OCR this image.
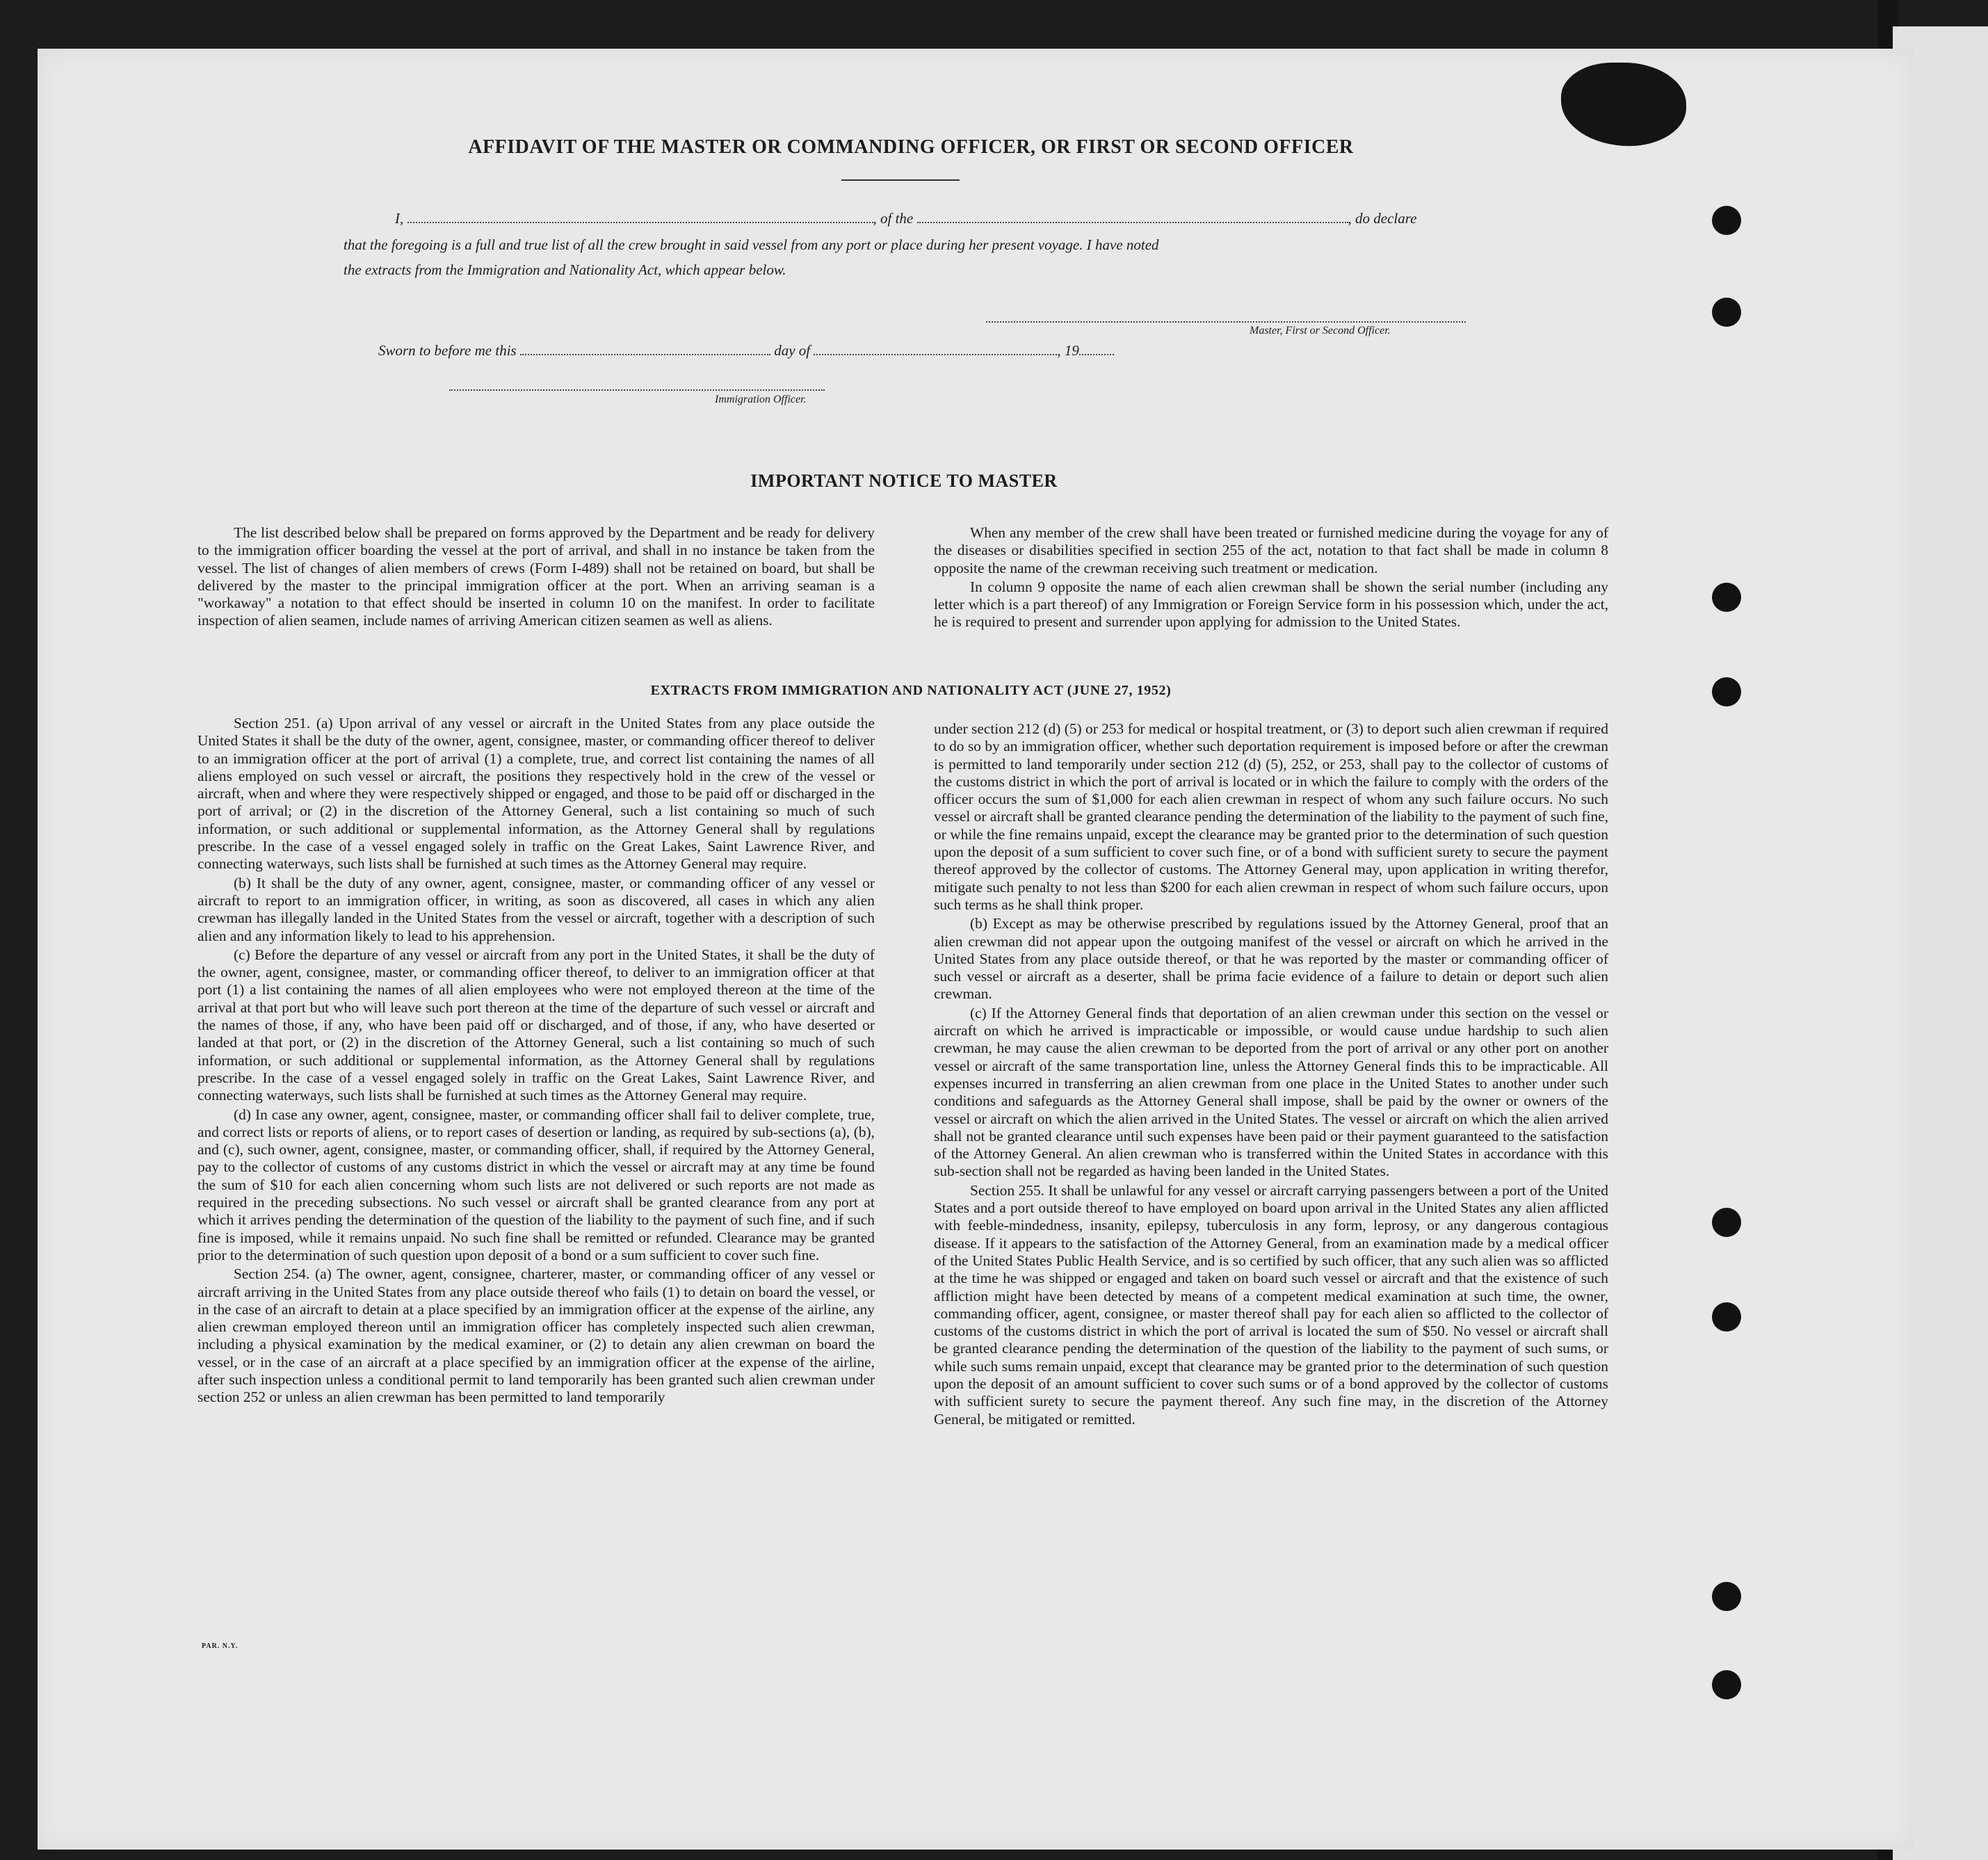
AFFIDAVIT OF THE MASTER OR COMMANDING OFFICER, OR FIRST OR SECOND OFFICER
I,	, of the	, do declare
that the foregoing is a full and true list of all the crew brought in said vessel from any port or place during her present voyage. I have noted
the extracts from the Immigration and Nationality Act, which appear below.
Master, First or Second Officer.
Sworn to before me this	day of	, 19
Immigration Officer.
IMPORTANT NOTICE TO MASTER

The list described below shall be prepared on forms approved by the Department and be ready for delivery to the immigration officer boarding the vessel at the port of arrival, and shall in no instance be taken from the vessel. The list of changes of alien members of crews (Form I-489) shall not be retained on board, but shall be delivered by the master to the principal immigration officer at the port. When an arriving seaman is a "workaway" a notation to that effect should be inserted in column 10 on the manifest. In order to facilitate inspection of alien seamen, include names of arriving American citizen seamen as well as aliens.

When any member of the crew shall have been treated or furnished medicine during the voyage for any of the diseases or disabilities specified in section 255 of the act, notation to that fact shall be made in column 8 opposite the name of the crewman receiving such treatment or medication.

In column 9 opposite the name of each alien crewman shall be shown the serial number (including any letter which is a part thereof) of any Immigration or Foreign Service form in his possession which, under the act, he is required to present and surrender upon applying for admission to the United States.

EXTRACTS FROM IMMIGRATION AND NATIONALITY ACT (JUNE 27, 1952)

Section 251. (a) Upon arrival of any vessel or aircraft in the United States from any place outside the United States it shall be the duty of the owner, agent, consignee, master, or commanding officer thereof to deliver to an immigration officer at the port of arrival (1) a complete, true, and correct list containing the names of all aliens employed on such vessel or aircraft, the positions they respectively hold in the crew of the vessel or aircraft, when and where they were respectively shipped or engaged, and those to be paid off or discharged in the port of arrival; or (2) in the discretion of the Attorney General, such a list containing so much of such information, or such additional or supplemental information, as the Attorney General shall by regulations prescribe. In the case of a vessel engaged solely in traffic on the Great Lakes, Saint Lawrence River, and connecting waterways, such lists shall be furnished at such times as the Attorney General may require.

(b) It shall be the duty of any owner, agent, consignee, master, or commanding officer of any vessel or aircraft to report to an immigration officer, in writing, as soon as discovered, all cases in which any alien crewman has illegally landed in the United States from the vessel or aircraft, together with a description of such alien and any information likely to lead to his apprehension.

(c) Before the departure of any vessel or aircraft from any port in the United States, it shall be the duty of the owner, agent, consignee, master, or commanding officer thereof, to deliver to an immigration officer at that port (1) a list containing the names of all alien employees who were not employed thereon at the time of the arrival at that port but who will leave such port thereon at the time of the departure of such vessel or aircraft and the names of those, if any, who have been paid off or discharged, and of those, if any, who have deserted or landed at that port, or (2) in the discretion of the Attorney General, such a list containing so much of such information, or such additional or supplemental information, as the Attorney General shall by regulations prescribe. In the case of a vessel engaged solely in traffic on the Great Lakes, Saint Lawrence River, and connecting waterways, such lists shall be furnished at such times as the Attorney General may require.

(d) In case any owner, agent, consignee, master, or commanding officer shall fail to deliver complete, true, and correct lists or reports of aliens, or to report cases of desertion or landing, as required by sub-sections (a), (b), and (c), such owner, agent, consignee, master, or commanding officer, shall, if required by the Attorney General, pay to the collector of customs of any customs district in which the vessel or aircraft may at any time be found the sum of $10 for each alien concerning whom such lists are not delivered or such reports are not made as required in the preceding subsections. No such vessel or aircraft shall be granted clearance from any port at which it arrives pending the determination of the question of the liability to the payment of such fine, and if such fine is imposed, while it remains unpaid. No such fine shall be remitted or refunded. Clearance may be granted prior to the determination of such question upon deposit of a bond or a sum sufficient to cover such fine.

Section 254. (a) The owner, agent, consignee, charterer, master, or commanding officer of any vessel or aircraft arriving in the United States from any place outside thereof who fails (1) to detain on board the vessel, or in the case of an aircraft to detain at a place specified by an immigration officer at the expense of the airline, any alien crewman employed thereon until an immigration officer has completely inspected such alien crewman, including a physical examination by the medical examiner, or (2) to detain any alien crewman on board the vessel, or in the case of an aircraft at a place specified by an immigration officer at the expense of the airline, after such inspection unless a conditional permit to land temporarily has been granted such alien crewman under section 252 or unless an alien crewman has been permitted to land temporarily

under section 212 (d) (5) or 253 for medical or hospital treatment, or (3) to deport such alien crewman if required to do so by an immigration officer, whether such deportation requirement is imposed before or after the crewman is permitted to land temporarily under section 212 (d) (5), 252, or 253, shall pay to the collector of customs of the customs district in which the port of arrival is located or in which the failure to comply with the orders of the officer occurs the sum of $1,000 for each alien crewman in respect of whom any such failure occurs. No such vessel or aircraft shall be granted clearance pending the determination of the liability to the payment of such fine, or while the fine remains unpaid, except the clearance may be granted prior to the determination of such question upon the deposit of a sum sufficient to cover such fine, or of a bond with sufficient surety to secure the payment thereof approved by the collector of customs. The Attorney General may, upon application in writing therefor, mitigate such penalty to not less than $200 for each alien crewman in respect of whom such failure occurs, upon such terms as he shall think proper.

(b) Except as may be otherwise prescribed by regulations issued by the Attorney General, proof that an alien crewman did not appear upon the outgoing manifest of the vessel or aircraft on which he arrived in the United States from any place outside thereof, or that he was reported by the master or commanding officer of such vessel or aircraft as a deserter, shall be prima facie evidence of a failure to detain or deport such alien crewman.

(c) If the Attorney General finds that deportation of an alien crewman under this section on the vessel or aircraft on which he arrived is impracticable or impossible, or would cause undue hardship to such alien crewman, he may cause the alien crewman to be deported from the port of arrival or any other port on another vessel or aircraft of the same transportation line, unless the Attorney General finds this to be impracticable. All expenses incurred in transferring an alien crewman from one place in the United States to another under such conditions and safeguards as the Attorney General shall impose, shall be paid by the owner or owners of the vessel or aircraft on which the alien arrived in the United States. The vessel or aircraft on which the alien arrived shall not be granted clearance until such expenses have been paid or their payment guaranteed to the satisfaction of the Attorney General. An alien crewman who is transferred within the United States in accordance with this sub-section shall not be regarded as having been landed in the United States.

Section 255. It shall be unlawful for any vessel or aircraft carrying passengers between a port of the United States and a port outside thereof to have employed on board upon arrival in the United States any alien afflicted with feeble-mindedness, insanity, epilepsy, tuberculosis in any form, leprosy, or any dangerous contagious disease. If it appears to the satisfaction of the Attorney General, from an examination made by a medical officer of the United States Public Health Service, and is so certified by such officer, that any such alien was so afflicted at the time he was shipped or engaged and taken on board such vessel or aircraft and that the existence of such affliction might have been detected by means of a competent medical examination at such time, the owner, commanding officer, agent, consignee, or master thereof shall pay for each alien so afflicted to the collector of customs of the customs district in which the port of arrival is located the sum of $50. No vessel or aircraft shall be granted clearance pending the determination of the question of the liability to the payment of such sums, or while such sums remain unpaid, except that clearance may be granted prior to the determination of such question upon the deposit of an amount sufficient to cover such sums or of a bond approved by the collector of customs with sufficient surety to secure the payment thereof. Any such fine may, in the discretion of the Attorney General, be mitigated or remitted.

PAR. N.Y.
